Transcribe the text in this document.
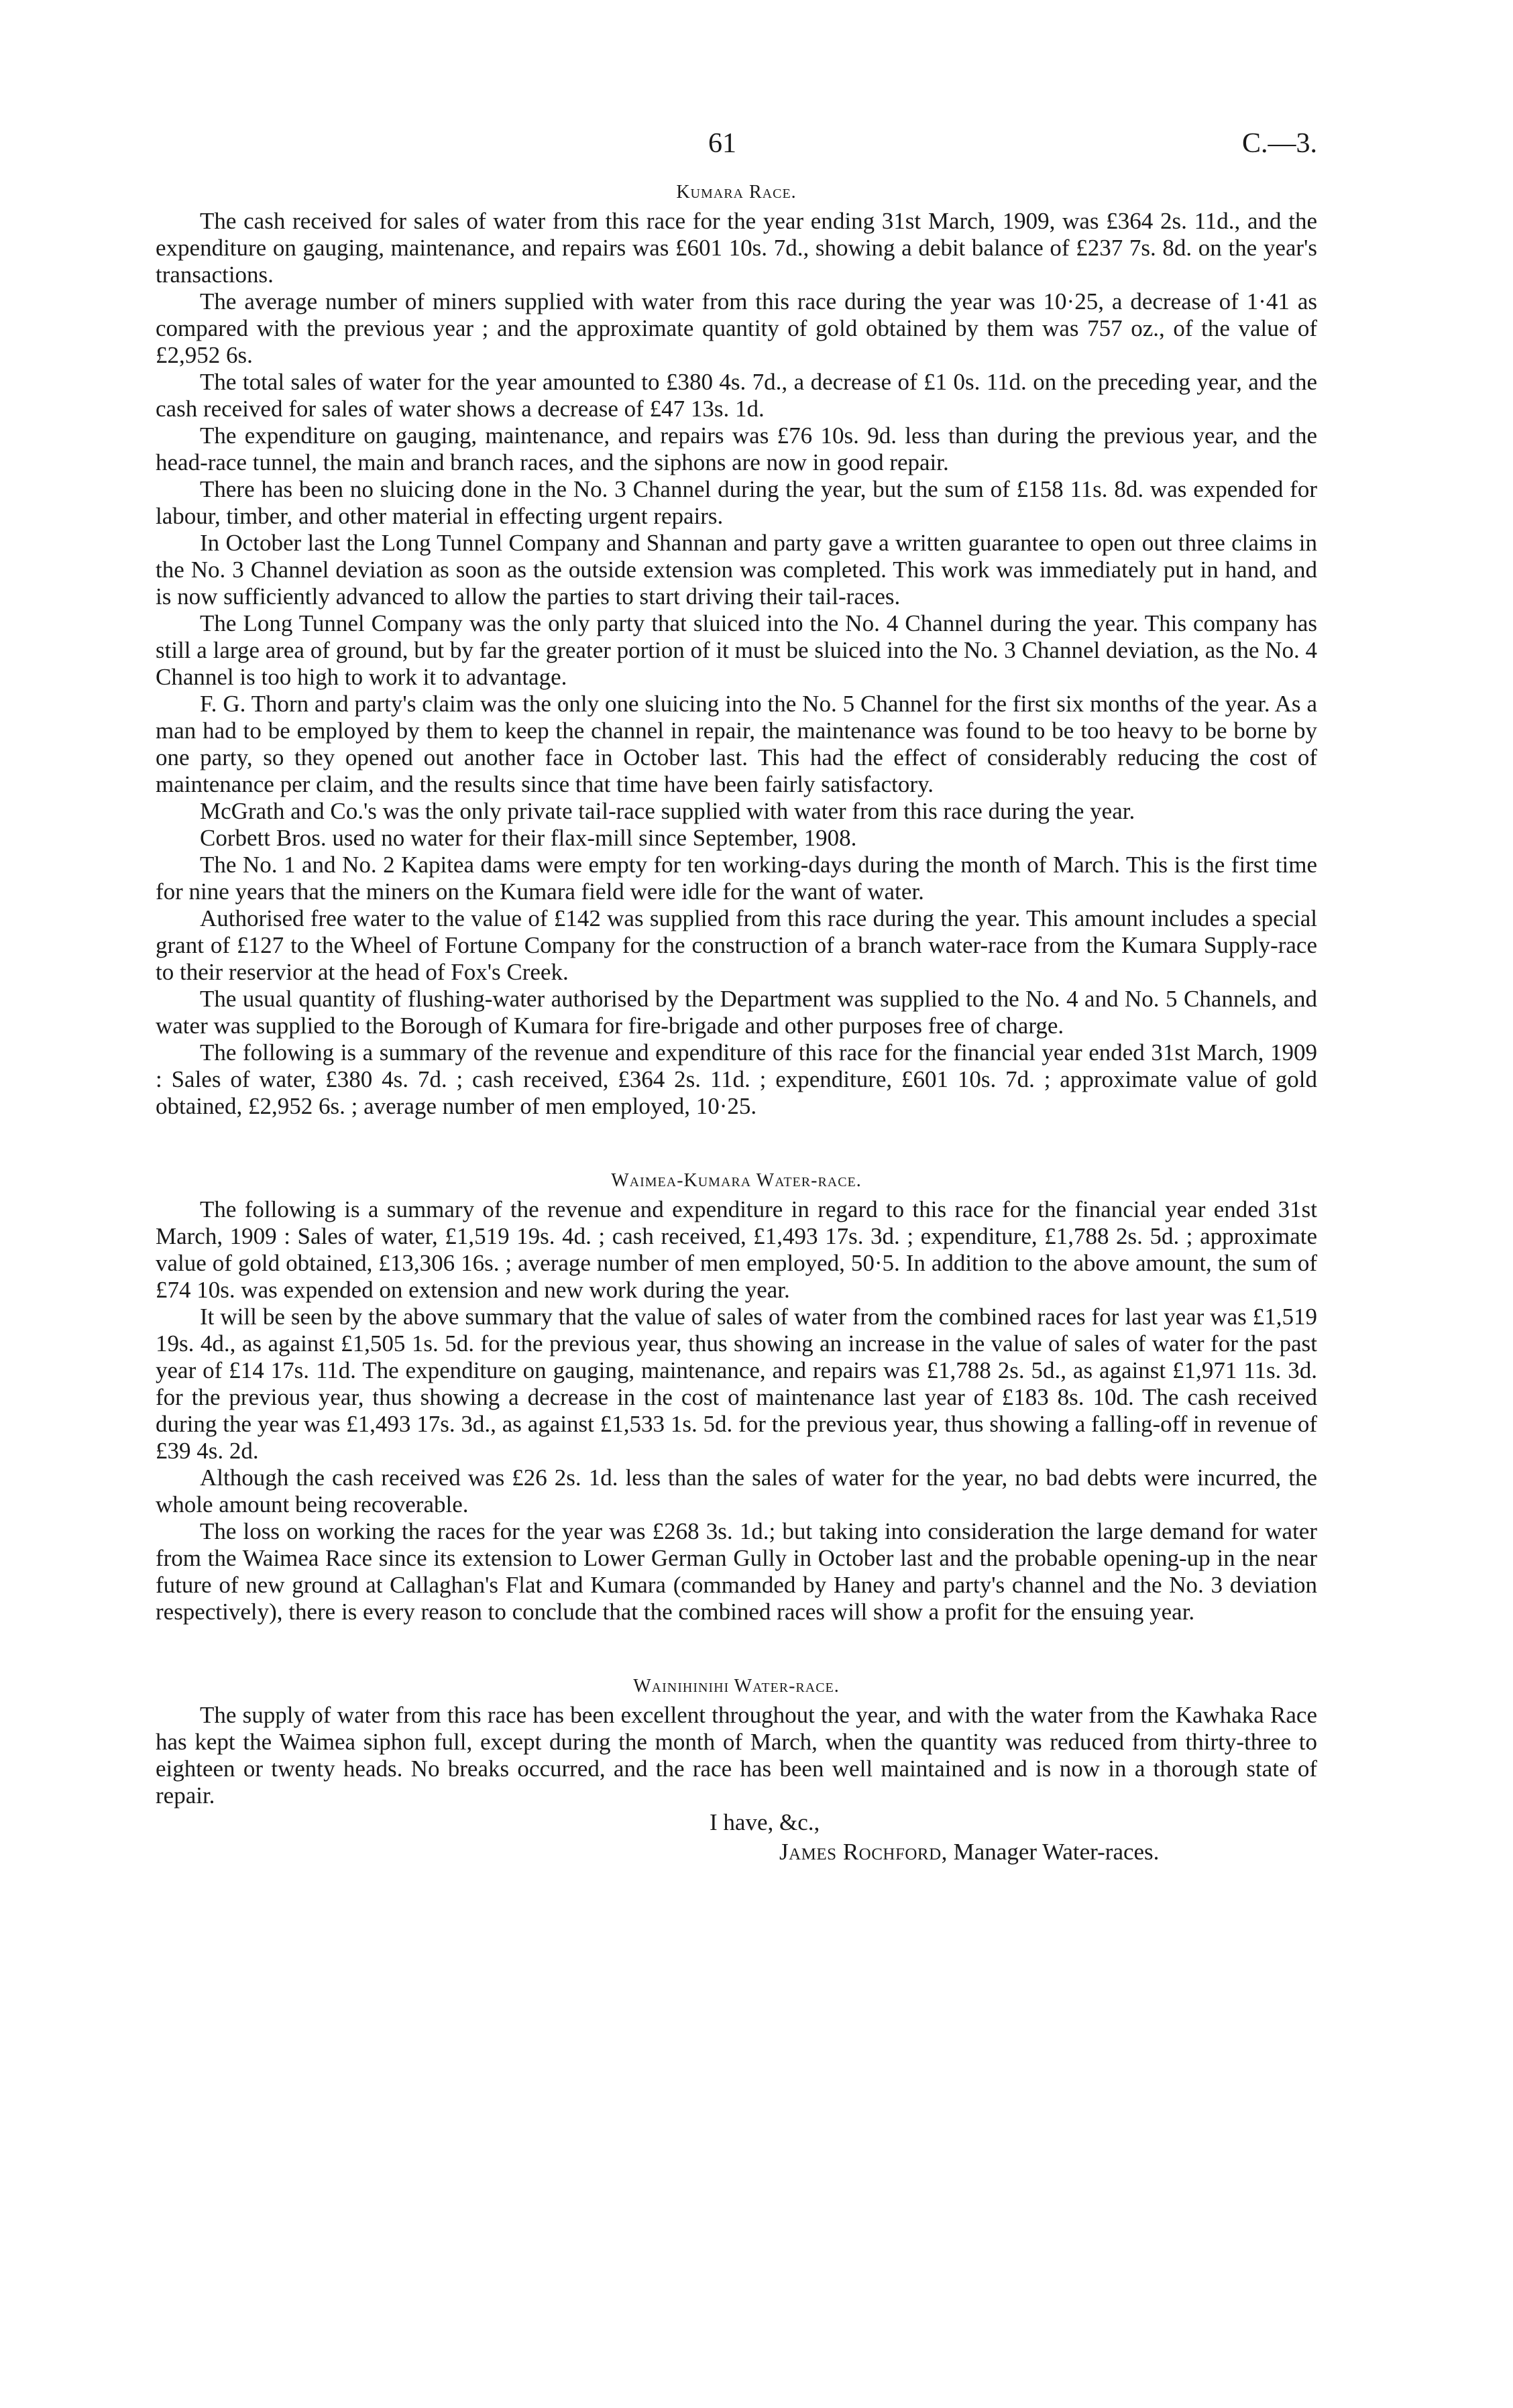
61	C.—3.
Kumara Race.

The cash received for sales of water from this race for the year ending 31st March, 1909, was £364 2s. 11d., and the expenditure on gauging, maintenance, and repairs was £601 10s. 7d., showing a debit balance of £237 7s. 8d. on the year's transactions.

The average number of miners supplied with water from this race during the year was 10·25, a decrease of 1·41 as compared with the previous year ; and the approximate quantity of gold obtained by them was 757 oz., of the value of £2,952 6s.

The total sales of water for the year amounted to £380 4s. 7d., a decrease of £1 0s. 11d. on the preceding year, and the cash received for sales of water shows a decrease of £47 13s. 1d.

The expenditure on gauging, maintenance, and repairs was £76 10s. 9d. less than during the previous year, and the head-race tunnel, the main and branch races, and the siphons are now in good repair.

There has been no sluicing done in the No. 3 Channel during the year, but the sum of £158 11s. 8d. was expended for labour, timber, and other material in effecting urgent repairs.

In October last the Long Tunnel Company and Shannan and party gave a written guarantee to open out three claims in the No. 3 Channel deviation as soon as the outside extension was completed. This work was immediately put in hand, and is now sufficiently advanced to allow the parties to start driving their tail-races.

The Long Tunnel Company was the only party that sluiced into the No. 4 Channel during the year. This company has still a large area of ground, but by far the greater portion of it must be sluiced into the No. 3 Channel deviation, as the No. 4 Channel is too high to work it to advantage.

F. G. Thorn and party's claim was the only one sluicing into the No. 5 Channel for the first six months of the year. As a man had to be employed by them to keep the channel in repair, the maintenance was found to be too heavy to be borne by one party, so they opened out another face in October last. This had the effect of considerably reducing the cost of maintenance per claim, and the results since that time have been fairly satisfactory.

McGrath and Co.'s was the only private tail-race supplied with water from this race during the year.

Corbett Bros. used no water for their flax-mill since September, 1908.

The No. 1 and No. 2 Kapitea dams were empty for ten working-days during the month of March. This is the first time for nine years that the miners on the Kumara field were idle for the want of water.

Authorised free water to the value of £142 was supplied from this race during the year. This amount includes a special grant of £127 to the Wheel of Fortune Company for the construction of a branch water-race from the Kumara Supply-race to their reservior at the head of Fox's Creek.

The usual quantity of flushing-water authorised by the Department was supplied to the No. 4 and No. 5 Channels, and water was supplied to the Borough of Kumara for fire-brigade and other purposes free of charge.

The following is a summary of the revenue and expenditure of this race for the financial year ended 31st March, 1909 : Sales of water, £380 4s. 7d. ; cash received, £364 2s. 11d. ; expenditure, £601 10s. 7d. ; approximate value of gold obtained, £2,952 6s. ; average number of men employed, 10·25.

Waimea-Kumara Water-race.

The following is a summary of the revenue and expenditure in regard to this race for the financial year ended 31st March, 1909 : Sales of water, £1,519 19s. 4d. ; cash received, £1,493 17s. 3d. ; expenditure, £1,788 2s. 5d. ; approximate value of gold obtained, £13,306 16s. ; average number of men employed, 50·5. In addition to the above amount, the sum of £74 10s. was expended on extension and new work during the year.

It will be seen by the above summary that the value of sales of water from the combined races for last year was £1,519 19s. 4d., as against £1,505 1s. 5d. for the previous year, thus showing an increase in the value of sales of water for the past year of £14 17s. 11d. The expenditure on gauging, maintenance, and repairs was £1,788 2s. 5d., as against £1,971 11s. 3d. for the previous year, thus showing a decrease in the cost of maintenance last year of £183 8s. 10d. The cash received during the year was £1,493 17s. 3d., as against £1,533 1s. 5d. for the previous year, thus showing a falling-off in revenue of £39 4s. 2d.

Although the cash received was £26 2s. 1d. less than the sales of water for the year, no bad debts were incurred, the whole amount being recoverable.

The loss on working the races for the year was £268 3s. 1d.; but taking into consideration the large demand for water from the Waimea Race since its extension to Lower German Gully in October last and the probable opening-up in the near future of new ground at Callaghan's Flat and Kumara (commanded by Haney and party's channel and the No. 3 deviation respectively), there is every reason to conclude that the combined races will show a profit for the ensuing year.

Wainihinihi Water-race.

The supply of water from this race has been excellent throughout the year, and with the water from the Kawhaka Race has kept the Waimea siphon full, except during the month of March, when the quantity was reduced from thirty-three to eighteen or twenty heads. No breaks occurred, and the race has been well maintained and is now in a thorough state of repair.

I have, &c.,
James Rochford, Manager Water-races.
